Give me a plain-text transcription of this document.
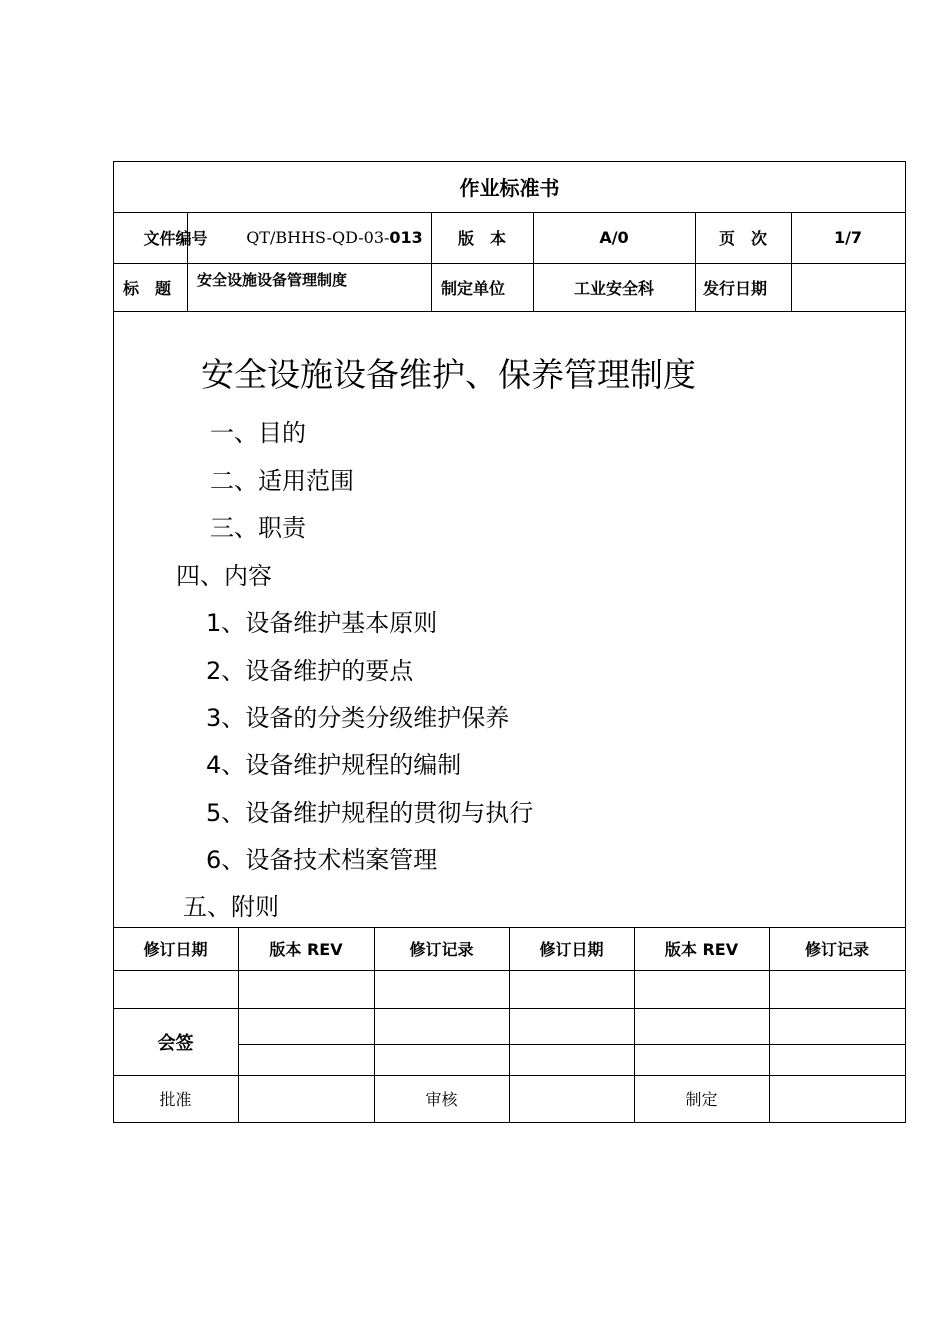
作业标准书
文件编号	QT/BHHS-QD-03- 013	版　本	A/0	页　次	1/7
标　题	安全设施设备管理制度	制定单位	工业安全科	发行日期
安全设施设备维护、保养管理制度
一、目的
二、适用范围
三、职责
四、内容
1、设备维护基本原则
2、设备维护的要点
3、设备的分类分级维护保养
4、设备维护规程的编制
5、设备维护规程的贯彻与执行
6、设备技术档案管理
五、附则
修订日期	版本 REV	修订记录	修订日期	版本 REV	修订记录
会签
批准	审核	制定
